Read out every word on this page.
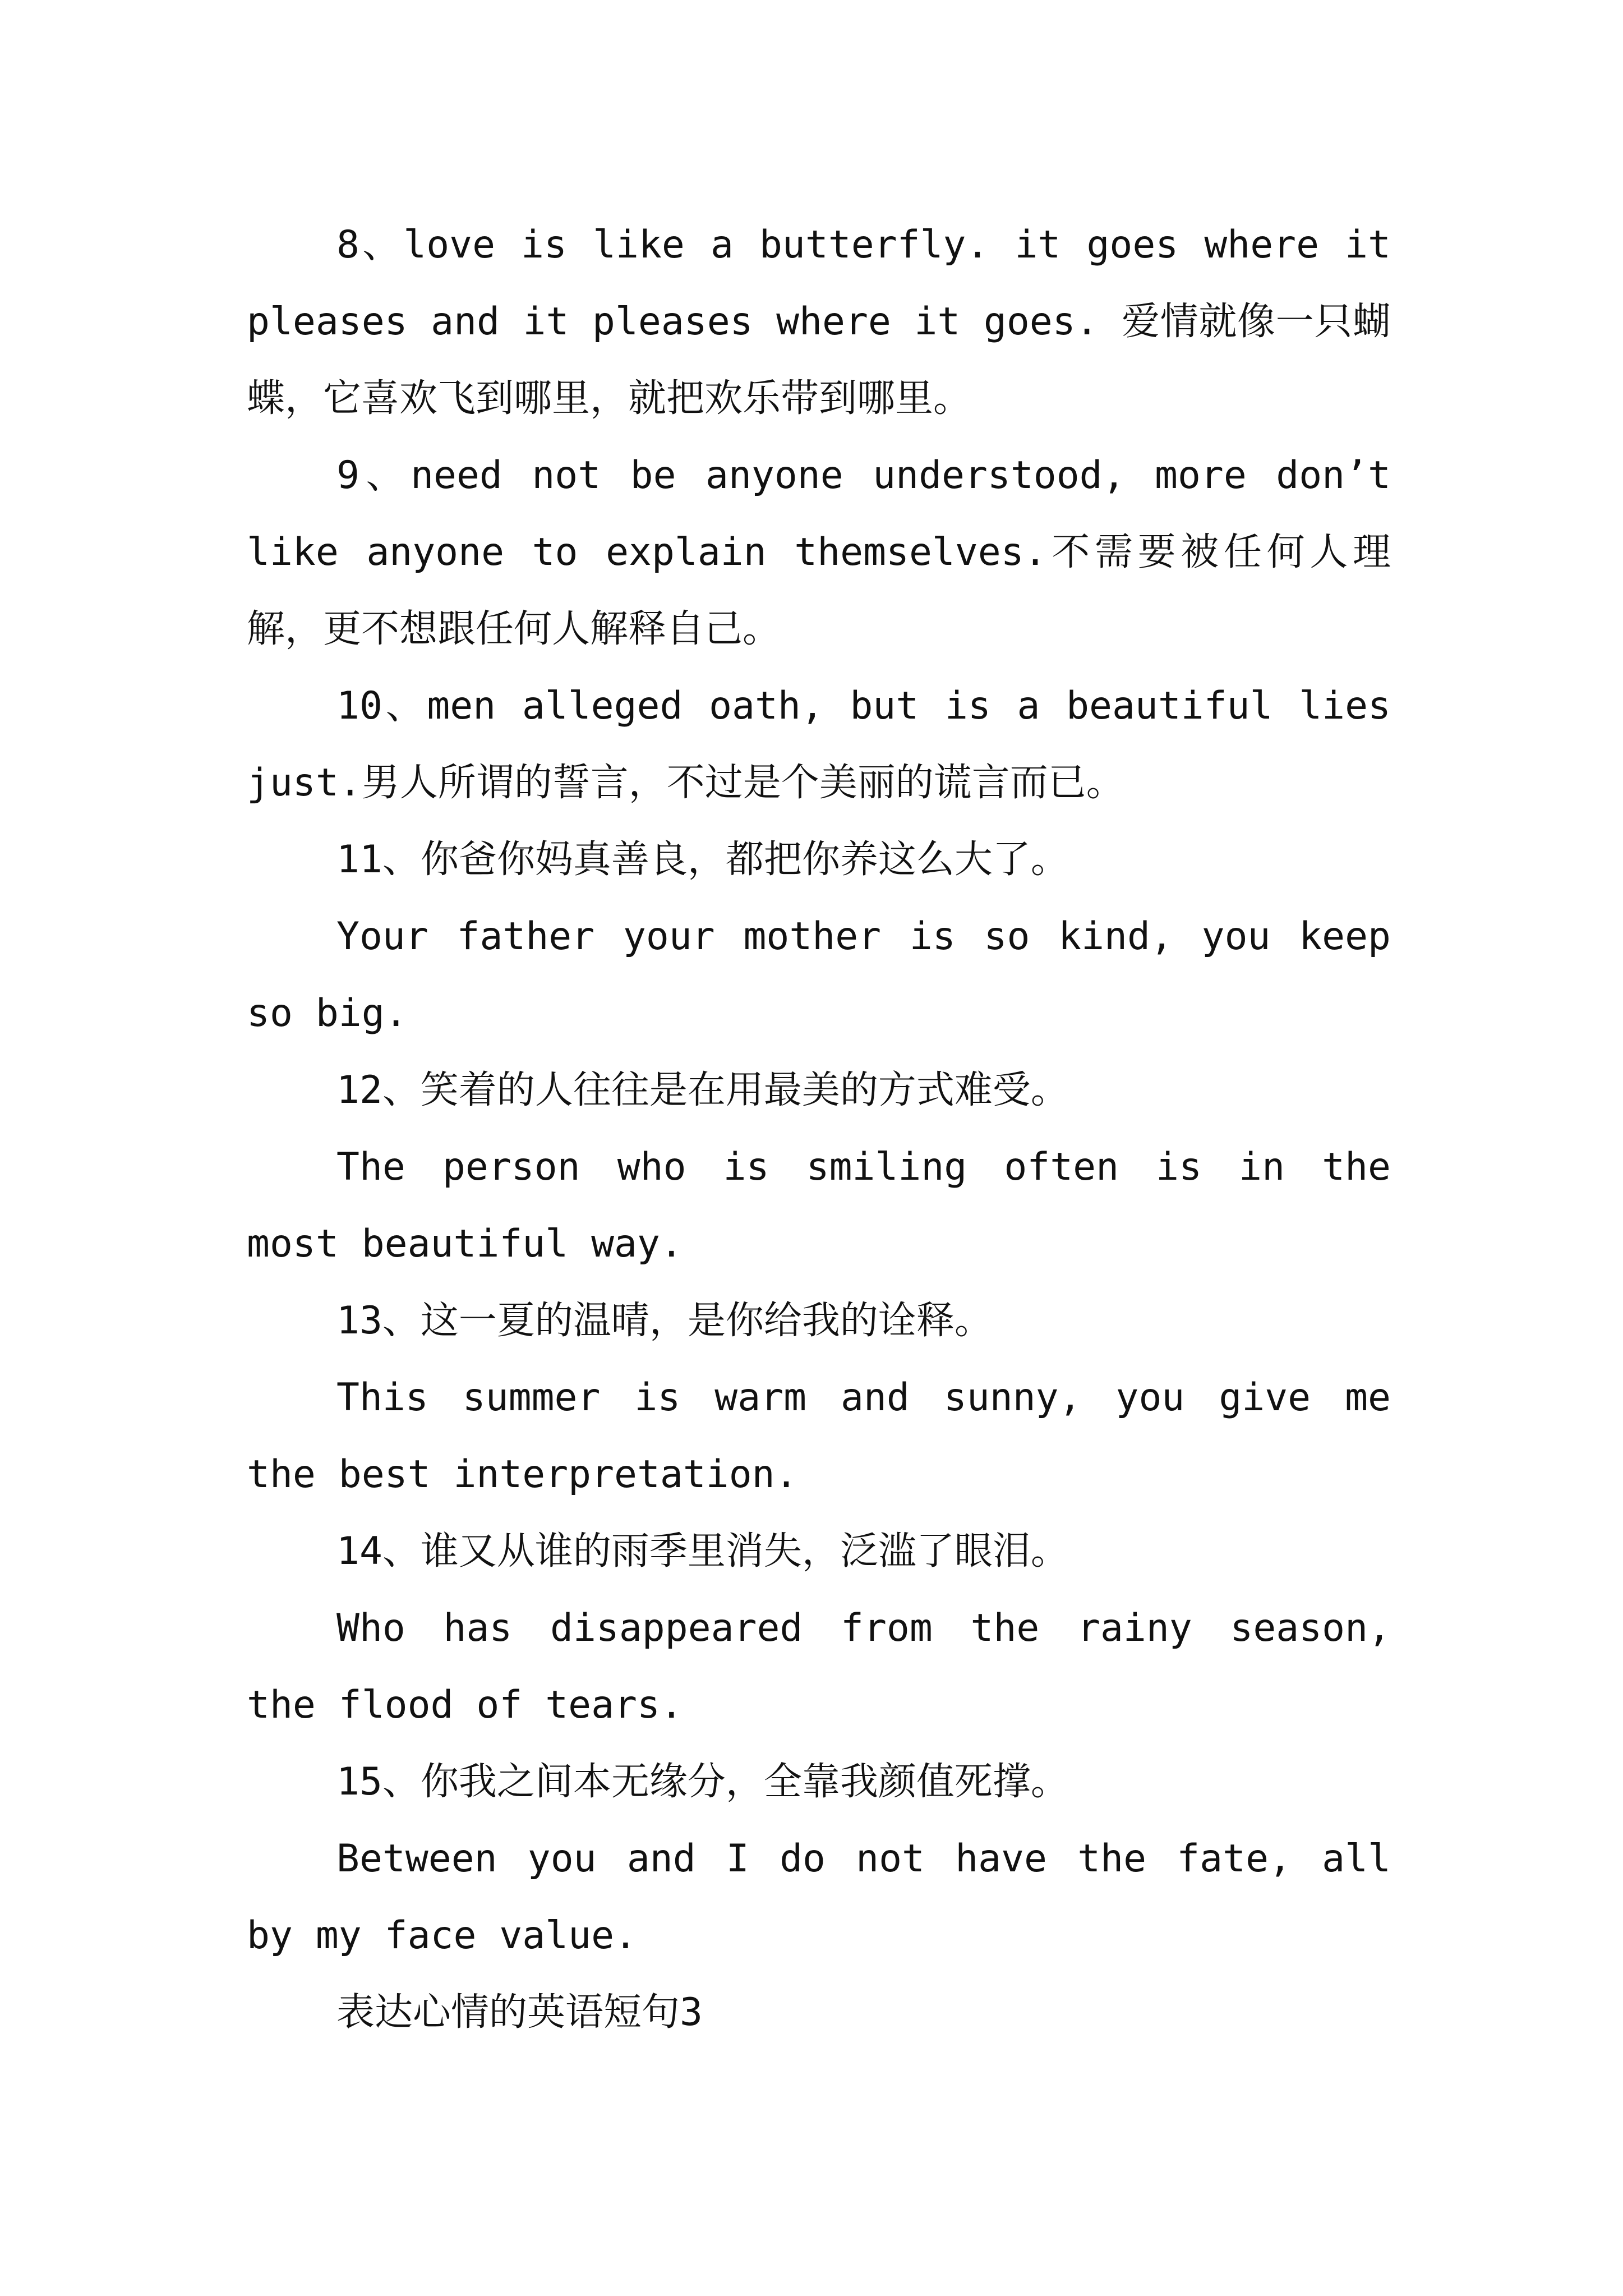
8、love is like a butterfly. it goes where it pleases and it pleases where it goes. 爱情就像一只蝴蝶，它喜欢飞到哪里，就把欢乐带到哪里。

9、need not be anyone understood, more don’t like anyone to explain themselves.不需要被任何人理解，更不想跟任何人解释自己。

10、men alleged oath, but is a beautiful lies just.男人所谓的誓言，不过是个美丽的谎言而已。

11、你爸你妈真善良，都把你养这么大了。

Your father your mother is so kind, you keep so big.

12、笑着的人往往是在用最美的方式难受。

The person who is smiling often is in the most beautiful way.

13、这一夏的温晴，是你给我的诠释。

This summer is warm and sunny, you give me the best interpretation.

14、谁又从谁的雨季里消失，泛滥了眼泪。

Who has disappeared from the rainy season, the flood of tears.

15、你我之间本无缘分，全靠我颜值死撑。

Between you and I do not have the fate, all by my face value.

表达心情的英语短句3
